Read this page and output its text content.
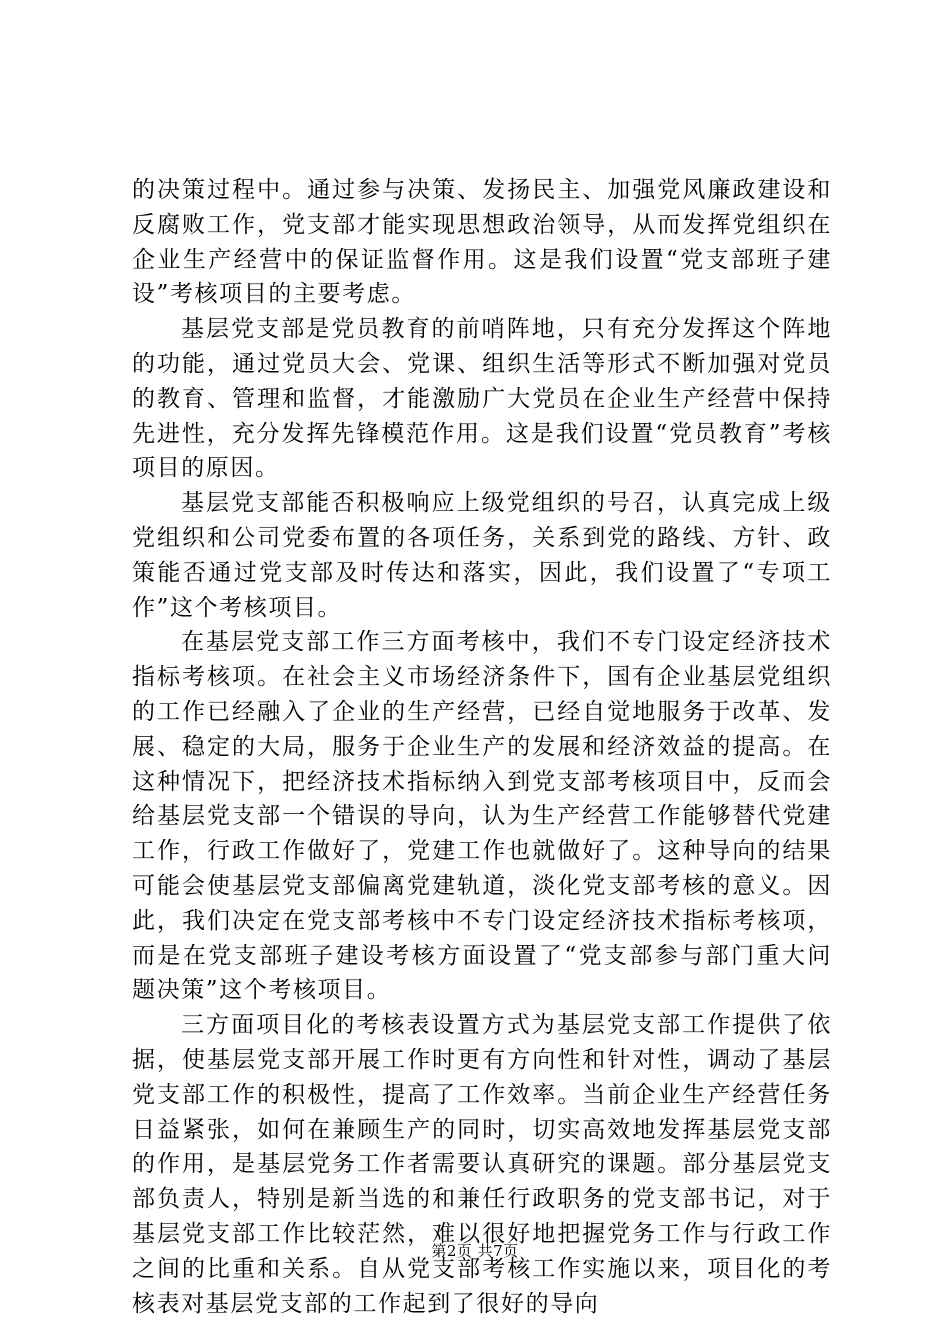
的决策过程中。通过参与决策、发扬民主、加强党风廉政建设和反腐败工作，党支部才能实现思想政治领导，从而发挥党组织在企业生产经营中的保证监督作用。这是我们设置“党支部班子建设”考核项目的主要考虑。

基层党支部是党员教育的前哨阵地，只有充分发挥这个阵地的功能，通过党员大会、党课、组织生活等形式不断加强对党员的教育、管理和监督，才能激励广大党员在企业生产经营中保持先进性，充分发挥先锋模范作用。这是我们设置“党员教育”考核项目的原因。

基层党支部能否积极响应上级党组织的号召，认真完成上级党组织和公司党委布置的各项任务，关系到党的路线、方针、政策能否通过党支部及时传达和落实，因此，我们设置了“专项工作”这个考核项目。

在基层党支部工作三方面考核中，我们不专门设定经济技术指标考核项。在社会主义市场经济条件下，国有企业基层党组织的工作已经融入了企业的生产经营，已经自觉地服务于改革、发展、稳定的大局，服务于企业生产的发展和经济效益的提高。在这种情况下，把经济技术指标纳入到党支部考核项目中，反而会给基层党支部一个错误的导向，认为生产经营工作能够替代党建工作，行政工作做好了，党建工作也就做好了。这种导向的结果可能会使基层党支部偏离党建轨道，淡化党支部考核的意义。因此，我们决定在党支部考核中不专门设定经济技术指标考核项，而是在党支部班子建设考核方面设置了“党支部参与部门重大问题决策”这个考核项目。

三方面项目化的考核表设置方式为基层党支部工作提供了依据，使基层党支部开展工作时更有方向性和针对性，调动了基层党支部工作的积极性，提高了工作效率。当前企业生产经营任务日益紧张，如何在兼顾生产的同时，切实高效地发挥基层党支部的作用，是基层党务工作者需要认真研究的课题。部分基层党支部负责人，特别是新当选的和兼任行政职务的党支部书记，对于基层党支部工作比较茫然，难以很好地把握党务工作与行政工作之间的比重和关系。自从党支部考核工作实施以来，项目化的考核表对基层党支部的工作起到了很好的导向

第2页 共7页
